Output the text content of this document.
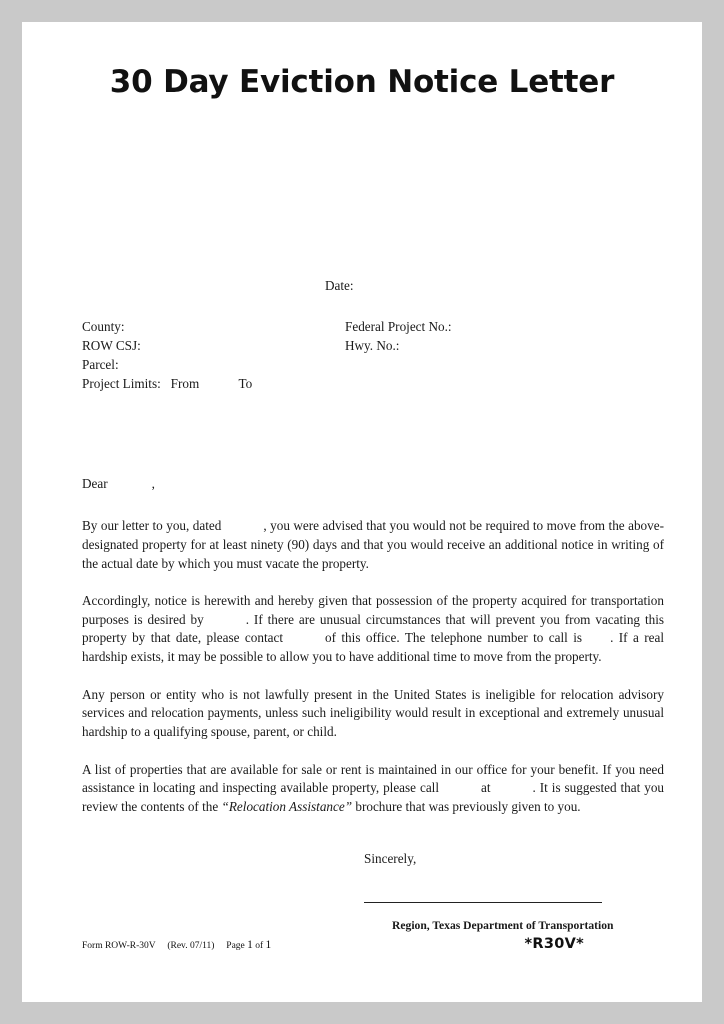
30 Day Eviction Notice Letter
Date:
County:	Federal Project No.:
ROW CSJ:	Hwy. No.:
Parcel:
Project Limits:   From            To
Dear	,

By our letter to you, dated	, you were advised that you would not be required to move from the above-designated property for at least ninety (90) days and that you would receive an additional notice in writing of the actual date by which you must vacate the property.

Accordingly, notice is herewith and hereby given that possession of the property acquired for transportation purposes is desired by	. If there are unusual circumstances that will prevent you from vacating this property by that date, please contact	of this office. The telephone number to call is . If a real hardship exists, it may be possible to allow you to have additional time to move from the property.

Any person or entity who is not lawfully present in the United States is ineligible for relocation advisory services and relocation payments, unless such ineligibility would result in exceptional and extremely unusual hardship to a qualifying spouse, parent, or child.

A list of properties that are available for sale or rent is maintained in our office for your benefit. If you need assistance in locating and inspecting available property, please call	at	. It is suggested that you review the contents of the “Relocation Assistance” brochure that was previously given to you.

Sincerely,
Region, Texas Department of Transportation
Form ROW-R-30V (Rev. 07/11) Page 1 of 1	*R30V*
